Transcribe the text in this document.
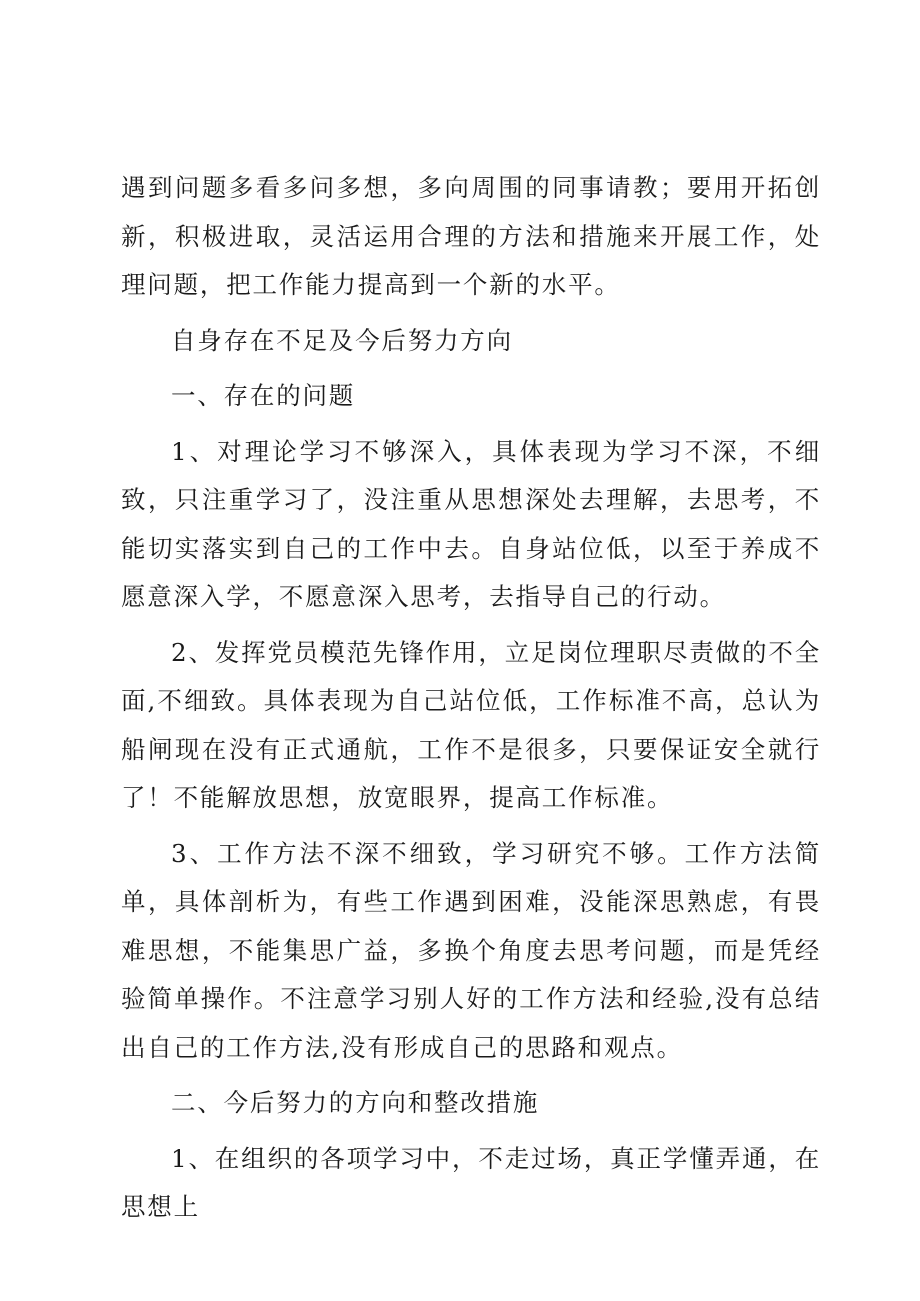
遇到问题多看多问多想，多向周围的同事请教；要用开拓创新，积极进取，灵活运用合理的方法和措施来开展工作，处理问题，把工作能力提高到一个新的水平。

自身存在不足及今后努力方向

一、存在的问题

1、对理论学习不够深入，具体表现为学习不深，不细致，只注重学习了，没注重从思想深处去理解，去思考，不能切实落实到自己的工作中去。自身站位低，以至于养成不愿意深入学，不愿意深入思考，去指导自己的行动。

2、发挥党员模范先锋作用，立足岗位理职尽责做的不全面,不细致。具体表现为自己站位低，工作标准不高，总认为船闸现在没有正式通航，工作不是很多，只要保证安全就行了！不能解放思想，放宽眼界，提高工作标准。

3、工作方法不深不细致，学习研究不够。工作方法简单，具体剖析为，有些工作遇到困难，没能深思熟虑，有畏难思想，不能集思广益，多换个角度去思考问题，而是凭经验简单操作。不注意学习别人好的工作方法和经验,没有总结出自己的工作方法,没有形成自己的思路和观点。

二、今后努力的方向和整改措施

1、在组织的各项学习中，不走过场，真正学懂弄通，在思想上
